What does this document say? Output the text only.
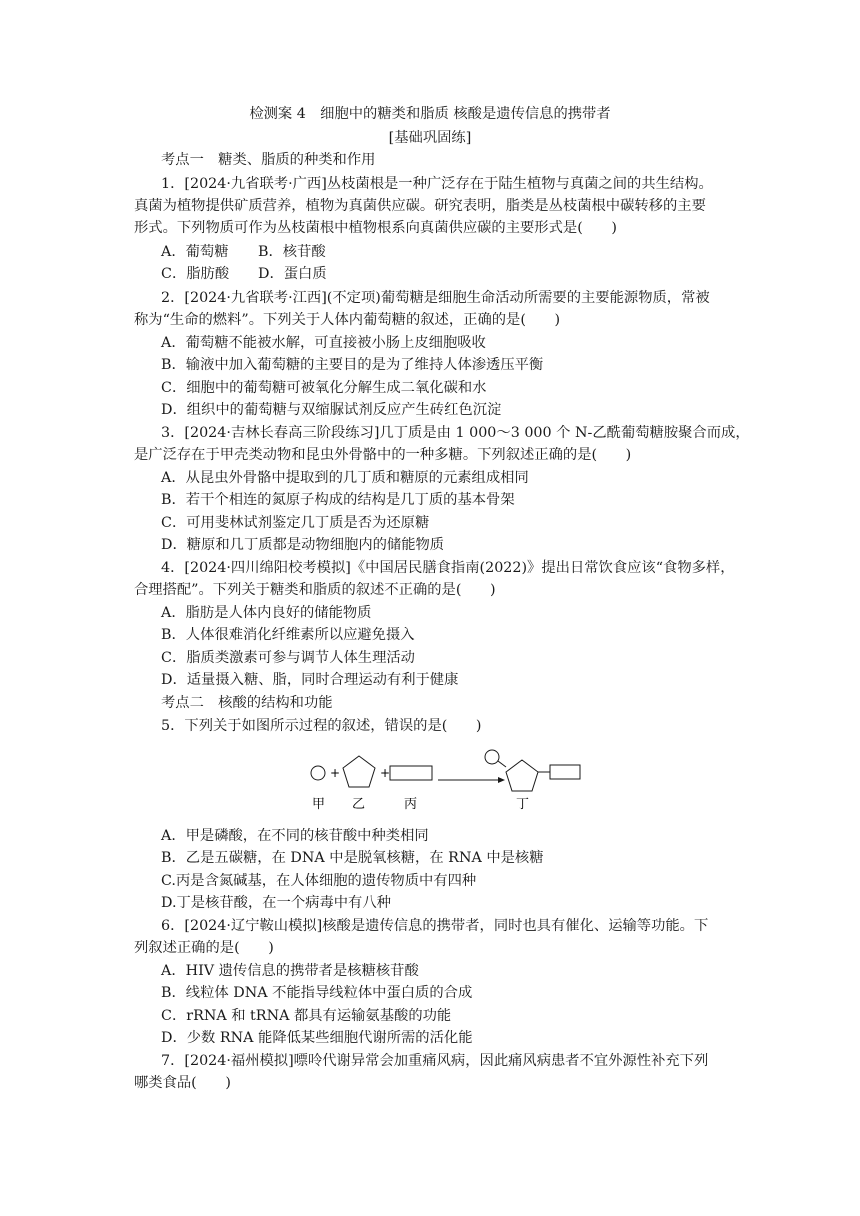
检测案 4　细胞中的糖类和脂质 核酸是遗传信息的携带者
[基础巩固练]
考点一　糖类、脂质的种类和作用
1．[2024·九省联考·广西]丛枝菌根是一种广泛存在于陆生植物与真菌之间的共生结构。
真菌为植物提供矿质营养，植物为真菌供应碳。研究表明，脂类是丛枝菌根中碳转移的主要
形式。下列物质可作为丛枝菌根中植物根系向真菌供应碳的主要形式是(　　)
A．葡萄糖 B．核苷酸
C．脂肪酸 D．蛋白质
2．[2024·九省联考·江西](不定项)葡萄糖是细胞生命活动所需要的主要能源物质，常被
称为“生命的燃料”。下列关于人体内葡萄糖的叙述，正确的是(　　)
A．葡萄糖不能被水解，可直接被小肠上皮细胞吸收
B．输液中加入葡萄糖的主要目的是为了维持人体渗透压平衡
C．细胞中的葡萄糖可被氧化分解生成二氧化碳和水
D．组织中的葡萄糖与双缩脲试剂反应产生砖红色沉淀
3．[2024·吉林长春高三阶段练习]几丁质是由 1 000～3 000 个 N-乙酰葡萄糖胺聚合而成，
是广泛存在于甲壳类动物和昆虫外骨骼中的一种多糖。下列叙述正确的是(　　)
A．从昆虫外骨骼中提取到的几丁质和糖原的元素组成相同
B．若干个相连的氮原子构成的结构是几丁质的基本骨架
C．可用斐林试剂鉴定几丁质是否为还原糖
D．糖原和几丁质都是动物细胞内的储能物质
4．[2024·四川绵阳校考模拟]《中国居民膳食指南(2022)》提出日常饮食应该“食物多样，
合理搭配”。下列关于糖类和脂质的叙述不正确的是(　　)
A．脂肪是人体内良好的储能物质
B．人体很难消化纤维素所以应避免摄入
C．脂质类激素可参与调节人体生理活动
D．适量摄入糖、脂，同时合理运动有利于健康
考点二　核酸的结构和功能
5．下列关于如图所示过程的叙述，错误的是(　　)
+	+
甲 乙	丙	丁
A．甲是磷酸，在不同的核苷酸中种类相同
B．乙是五碳糖，在 DNA 中是脱氧核糖，在 RNA 中是核糖
C.丙是含氮碱基，在人体细胞的遗传物质中有四种
D.丁是核苷酸，在一个病毒中有八种
6．[2024·辽宁鞍山模拟]核酸是遗传信息的携带者，同时也具有催化、运输等功能。下
列叙述正确的是(　　)
A．HIV 遗传信息的携带者是核糖核苷酸
B．线粒体 DNA 不能指导线粒体中蛋白质的合成
C．rRNA 和 tRNA 都具有运输氨基酸的功能
D．少数 RNA 能降低某些细胞代谢所需的活化能
7．[2024·福州模拟]嘌呤代谢异常会加重痛风病，因此痛风病患者不宜外源性补充下列
哪类食品(　　)
